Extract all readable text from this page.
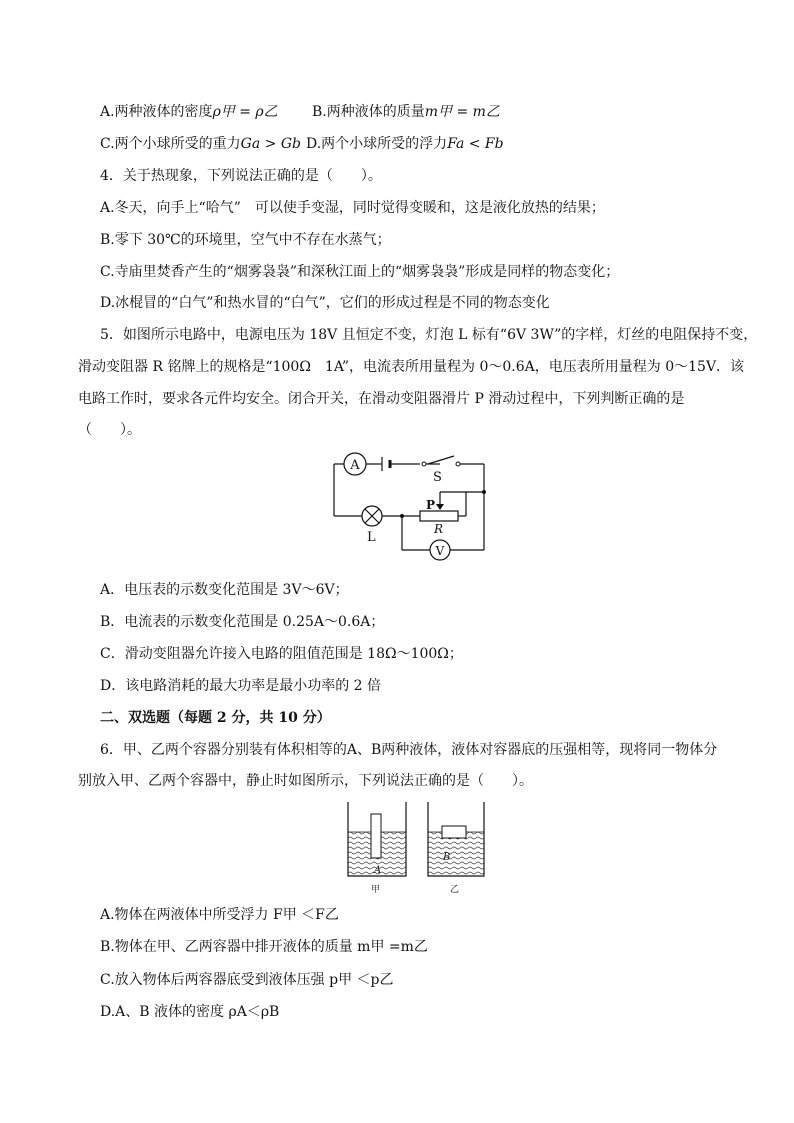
A.两种液体的密度ρ甲 = ρ乙 B.两种液体的质量m甲 = m乙
C.两个小球所受的重力Ga > Gb D.两个小球所受的浮力Fa < Fb
4．关于热现象，下列说法正确的是（　　）。
A.冬天，向手上“哈气”　可以使手变湿，同时觉得变暖和，这是液化放热的结果；
B.零下 30℃的环境里，空气中不存在水蒸气；
C.寺庙里焚香产生的“烟雾袅袅”和深秋江面上的“烟雾袅袅”形成是同样的物态变化；
D.冰棍冒的“白气”和热水冒的“白气”，它们的形成过程是不同的物态变化
5．如图所示电路中，电源电压为 18V 且恒定不变，灯泡 L 标有“6V 3W”的字样，灯丝的电阻保持不变，
滑动变阻器 R 铭牌上的规格是“100Ω　1A”，电流表所用量程为 0～0.6A，电压表所用量程为 0～15V．该
电路工作时，要求各元件均安全。闭合开关，在滑动变阻器滑片 P 滑动过程中，下列判断正确的是
（　　）。
A
V
S
P
R
L
A．电压表的示数变化范围是 3V～6V；
B．电流表的示数变化范围是 0.25A～0.6A；
C．滑动变阻器允许接入电路的阻值范围是 18Ω～100Ω；
D．该电路消耗的最大功率是最小功率的 2 倍
二、双选题（每题 2 分，共 10 分）
6．甲、乙两个容器分别装有体积相等的A、B两种液体，液体对容器底的压强相等，现将同一物体分
别放入甲、乙两个容器中，静止时如图所示，下列说法正确的是（　　）。
A
B
甲	乙
A.物体在两液体中所受浮力 F甲 ＜F乙
B.物体在甲、乙两容器中排开液体的质量 m甲 =m乙
C.放入物体后两容器底受到液体压强 p甲 ＜p乙
D.A、B 液体的密度 ρA＜ρB
